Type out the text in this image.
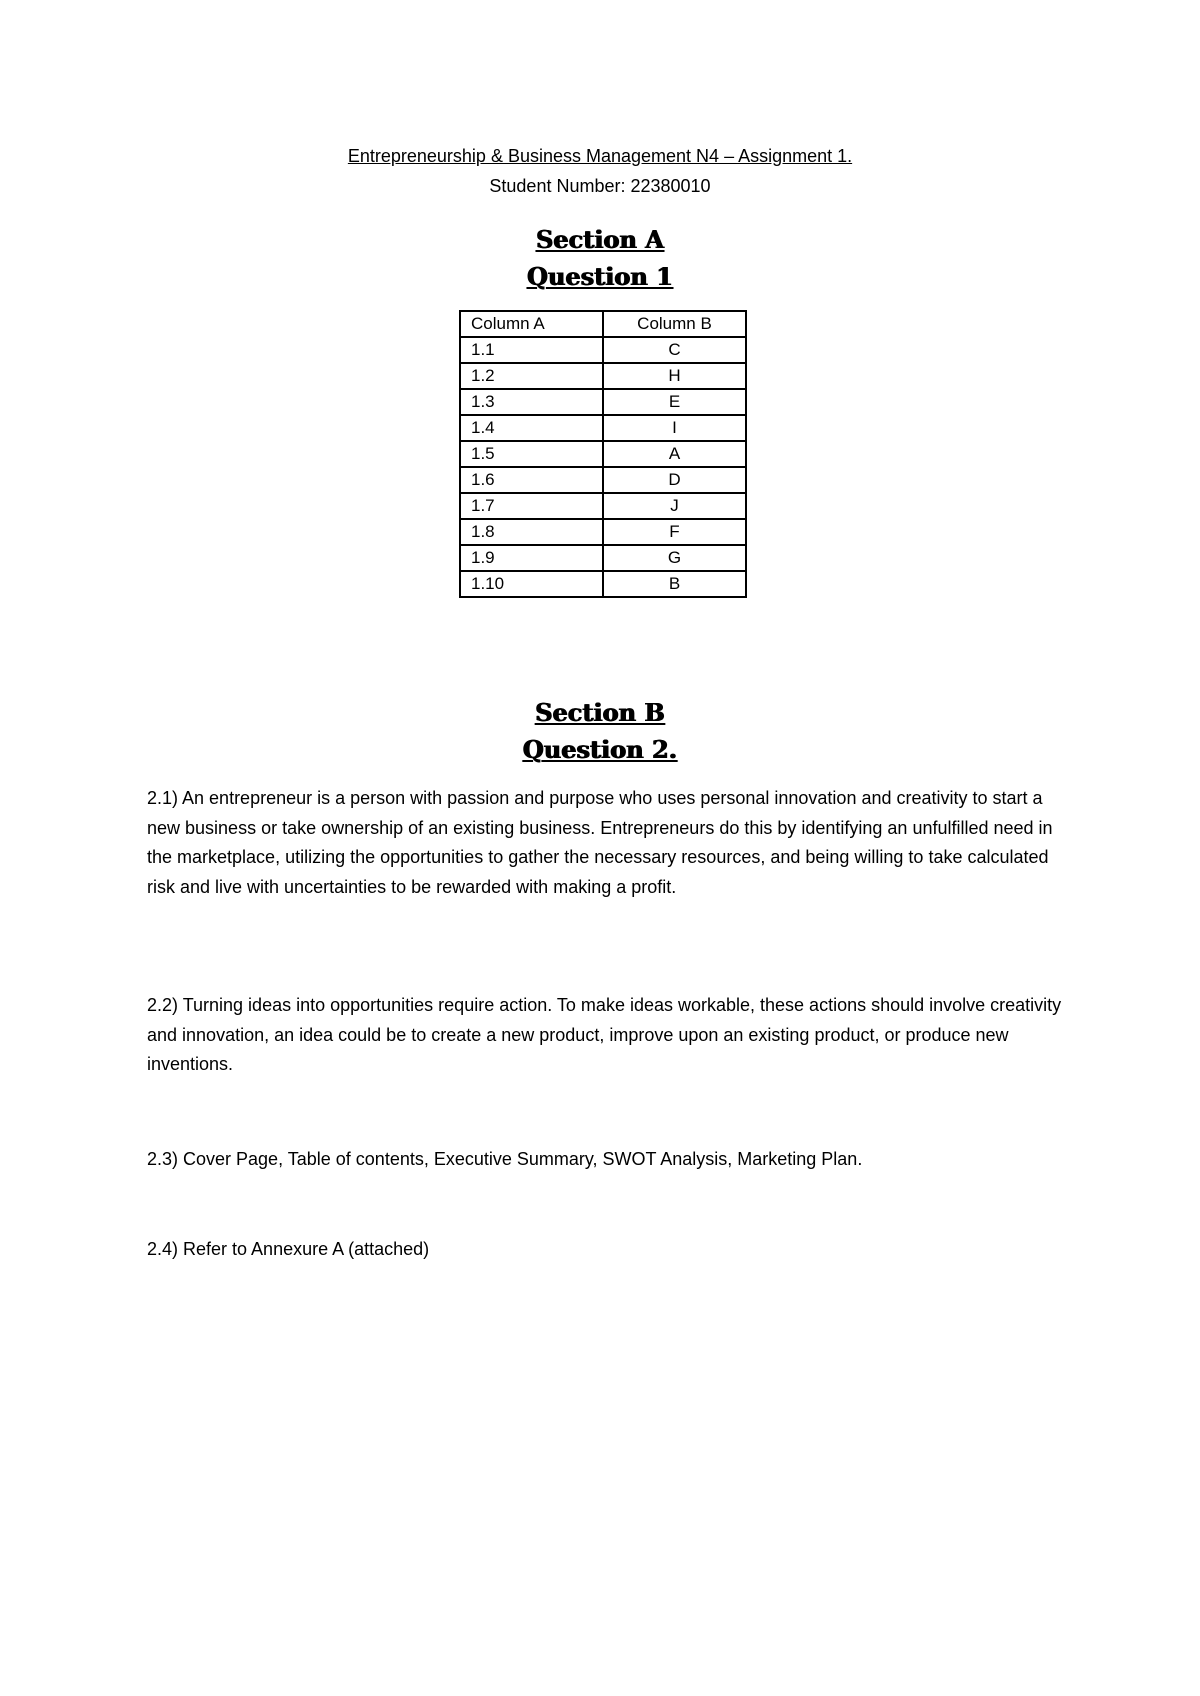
Entrepreneurship & Business Management N4 – Assignment 1.
Student Number: 22380010
Section A
Question 1
Column A	Column B
1.1	C
1.2	H
1.3	E
1.4	I
1.5	A
1.6	D
1.7	J
1.8	F
1.9	G
1.10	B
Section B
Question 2.

2.1) An entrepreneur is a person with passion and purpose who uses personal innovation and creativity to start a new business or take ownership of an existing business. Entrepreneurs do this by identifying an unfulfilled need in the marketplace, utilizing the opportunities to gather the necessary resources, and being willing to take calculated risk and live with uncertainties to be rewarded with making a profit.

2.2) Turning ideas into opportunities require action. To make ideas workable, these actions should involve creativity and innovation, an idea could be to create a new product, improve upon an existing product, or produce new inventions.

2.3) Cover Page, Table of contents, Executive Summary, SWOT Analysis, Marketing Plan.

2.4) Refer to Annexure A (attached)
